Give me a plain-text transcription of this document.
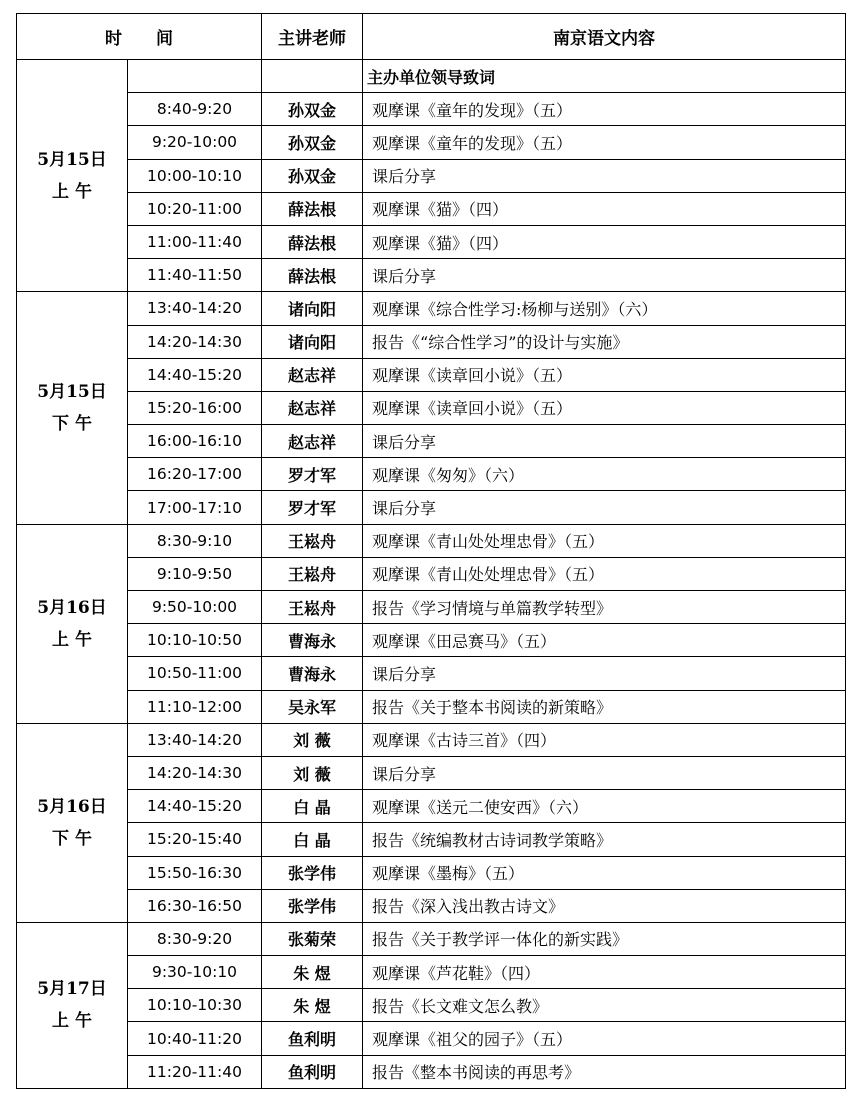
时 间		主讲老师	南京语文内容

5月15日
上 午			主办单位领导致词
	8:40-9:20	孙双金	观摩课《童年的发现》（五）
	9:20-10:00	孙双金	观摩课《童年的发现》（五）
	10:00-10:10	孙双金	课后分享
	10:20-11:00	薛法根	观摩课《猫》（四）
	11:00-11:40	薛法根	观摩课《猫》（四）
	11:40-11:50	薛法根	课后分享

5月15日
下 午	13:40-14:20	诸向阳	观摩课《综合性学习:杨柳与送别》（六）
	14:20-14:30	诸向阳	报告《“综合性学习”的设计与实施》
	14:40-15:20	赵志祥	观摩课《读章回小说》（五）
	15:20-16:00	赵志祥	观摩课《读章回小说》（五）
	16:00-16:10	赵志祥	课后分享
	16:20-17:00	罗才军	观摩课《匆匆》（六）
	17:00-17:10	罗才军	课后分享

5月16日
上 午	8:30-9:10	王崧舟	观摩课《青山处处埋忠骨》（五）
	9:10-9:50	王崧舟	观摩课《青山处处埋忠骨》（五）
	9:50-10:00	王崧舟	报告《学习情境与单篇教学转型》
	10:10-10:50	曹海永	观摩课《田忌赛马》（五）
	10:50-11:00	曹海永	课后分享
	11:10-12:00	吴永军	报告《关于整本书阅读的新策略》

5月16日
下 午	13:40-14:20	刘 薇	观摩课《古诗三首》（四）
	14:20-14:30	刘 薇	课后分享
	14:40-15:20	白 晶	观摩课《送元二使安西》（六）
	15:20-15:40	白 晶	报告《统编教材古诗词教学策略》
	15:50-16:30	张学伟	观摩课《墨梅》（五）
	16:30-16:50	张学伟	报告《深入浅出教古诗文》

5月17日
上 午	8:30-9:20	张菊荣	报告《关于教学评一体化的新实践》
	9:30-10:10	朱 煜	观摩课《芦花鞋》（四）
	10:10-10:30	朱 煜	报告《长文难文怎么教》
	10:40-11:20	鱼利明	观摩课《祖父的园子》（五）
	11:20-11:40	鱼利明	报告《整本书阅读的再思考》
